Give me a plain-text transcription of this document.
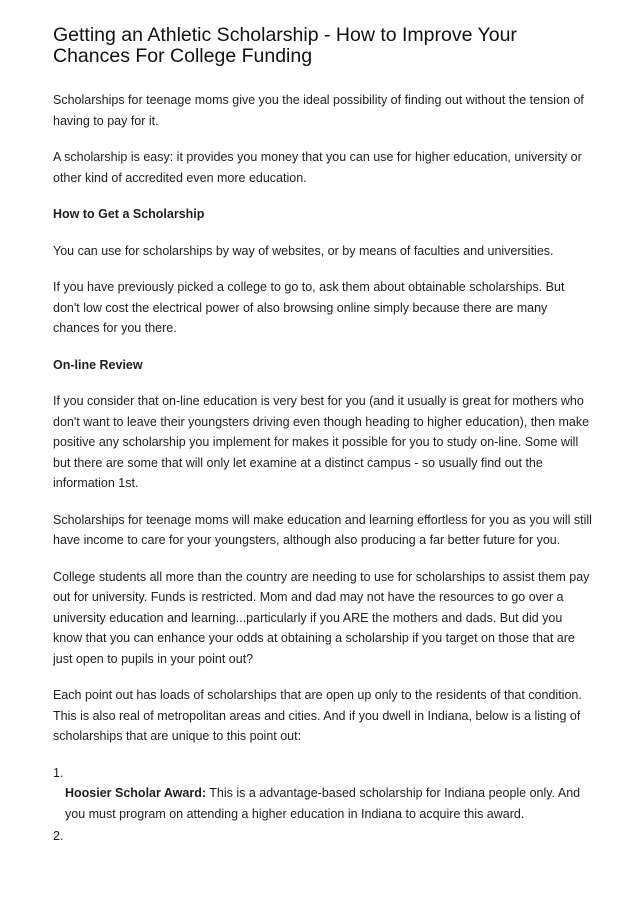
Getting an Athletic Scholarship - How to Improve Your Chances For College Funding

Scholarships for teenage moms give you the ideal possibility of finding out without the tension of having to pay for it.

A scholarship is easy: it provides you money that you can use for higher education, university or other kind of accredited even more education.

How to Get a Scholarship

You can use for scholarships by way of websites, or by means of faculties and universities.

If you have previously picked a college to go to, ask them about obtainable scholarships. But don't low cost the electrical power of also browsing online simply because there are many chances for you there.

On-line Review

If you consider that on-line education is very best for you (and it usually is great for mothers who don't want to leave their youngsters driving even though heading to higher education), then make positive any scholarship you implement for makes it possible for you to study on-line. Some will but there are some that will only let examine at a distinct campus - so usually find out the information 1st.

Scholarships for teenage moms will make education and learning effortless for you as you will still have income to care for your youngsters, although also producing a far better future for you.

College students all more than the country are needing to use for scholarships to assist them pay out for university. Funds is restricted. Mom and dad may not have the resources to go over a university education and learning...particularly if you ARE the mothers and dads. But did you know that you can enhance your odds at obtaining a scholarship if you target on those that are just open to pupils in your point out?

Each point out has loads of scholarships that are open up only to the residents of that condition. This is also real of metropolitan areas and cities. And if you dwell in Indiana, below is a listing of scholarships that are unique to this point out:

1.
Hoosier Scholar Award: This is a advantage-based scholarship for Indiana people only. And you must program on attending a higher education in Indiana to acquire this award.
2.
